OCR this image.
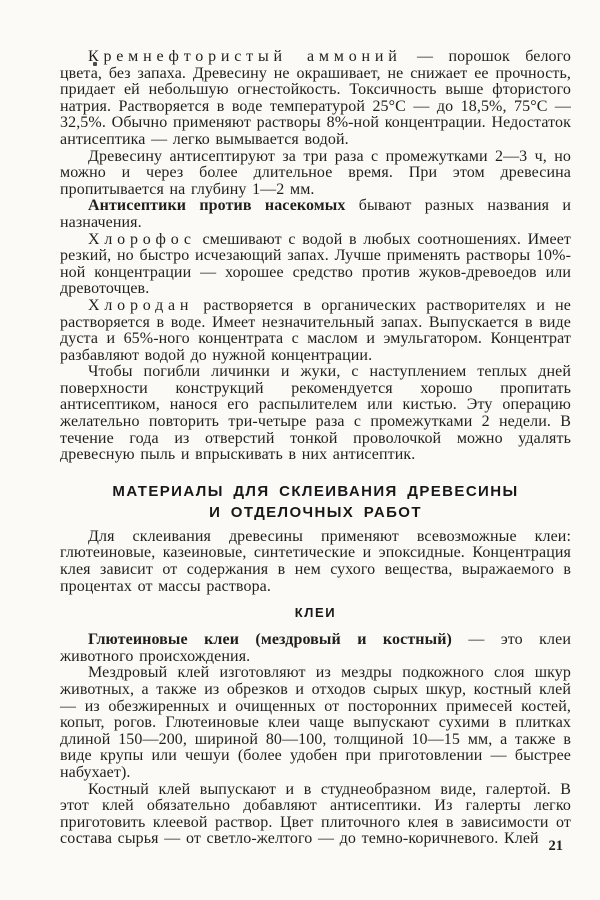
Кремнефтористый аммоний — порошок белого цвета, без запаха. Древесину не окрашивает, не снижает ее прочность, придает ей небольшую огнестойкость. Токсичность выше фтористого натрия. Растворяется в воде температурой 25°С — до 18,5%, 75°С — 32,5%. Обычно применяют растворы 8%-ной концентрации. Недостаток антисептика — легко вымывается водой.

Древесину антисептируют за три раза с промежутками 2—3 ч, но можно и через более длительное время. При этом древесина пропитывается на глубину 1—2 мм.

Антисептики против насекомых бывают разных названия и назначения.

Хлорофос смешивают с водой в любых соотношениях. Имеет резкий, но быстро исчезающий запах. Лучше применять растворы 10%-ной концентрации — хорошее средство против жуков-древоедов или древоточцев.

Хлородан растворяется в органических растворителях и не растворяется в воде. Имеет незначительный запах. Выпускается в виде дуста и 65%-ного концентрата с маслом и эмульгатором. Концентрат разбавляют водой до нужной концентрации.

Чтобы погибли личинки и жуки, с наступлением теплых дней поверхности конструкций рекомендуется хорошо пропитать антисептиком, нанося его распылителем или кистью. Эту операцию желательно повторить три-четыре раза с промежутками 2 недели. В течение года из отверстий тонкой проволочкой можно удалять древесную пыль и впрыскивать в них антисептик.

МАТЕРИАЛЫ ДЛЯ СКЛЕИВАНИЯ ДРЕВЕСИНЫ
И ОТДЕЛОЧНЫХ РАБОТ

Для склеивания древесины применяют всевозможные клеи: глютеиновые, казеиновые, синтетические и эпоксидные. Концентрация клея зависит от содержания в нем сухого вещества, выражаемого в процентах от массы раствора.

КЛЕИ

Глютеиновые клеи (мездровый и костный) — это клеи животного происхождения.

Мездровый клей изготовляют из мездры подкожного слоя шкур животных, а также из обрезков и отходов сырых шкур, костный клей — из обезжиренных и очищенных от посторонних примесей костей, копыт, рогов. Глютеиновые клеи чаще выпускают сухими в плитках длиной 150—200, шириной 80—100, толщиной 10—15 мм, а также в виде крупы или чешуи (более удобен при приготовлении — быстрее набухает).

Костный клей выпускают и в студнеобразном виде, галертой. В этот клей обязательно добавляют антисептики. Из галерты легко приготовить клеевой раствор. Цвет плиточного клея в зависимости от состава сырья — от светло-желтого — до темно-коричневого. Клей 21
